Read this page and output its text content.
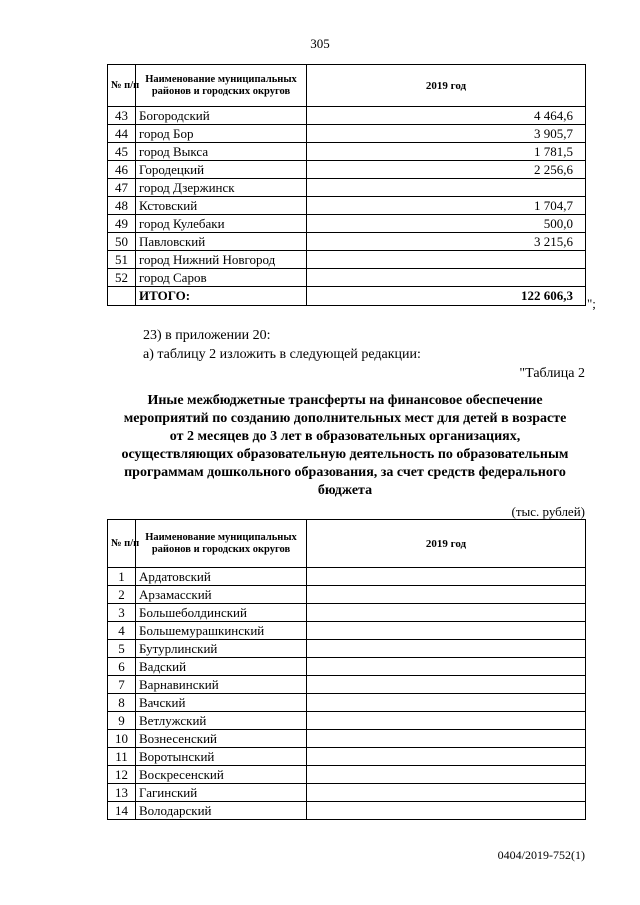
305
№ п/п	Наименование муниципальных районов и городских округов	2019 год
43	Богородский	4 464,6
44	город Бор	3 905,7
45	город Выкса	1 781,5
46	Городецкий	2 256,6
47	город Дзержинск	
48	Кстовский	1 704,7
49	город Кулебаки	500,0
50	Павловский	3 215,6
51	город Нижний Новгород	
52	город Саров	
	ИТОГО:	122 606,3
";
23) в приложении 20:
а) таблицу 2 изложить в следующей редакции:
"Таблица 2
Иные межбюджетные трансферты на финансовое обеспечение
мероприятий по созданию дополнительных мест для детей в возрасте
от 2 месяцев до 3 лет в образовательных организациях,
осуществляющих образовательную деятельность по образовательным
программам дошкольного образования, за счет средств федерального
бюджета
(тыс. рублей)
№ п/п	Наименование муниципальных районов и городских округов	2019 год
1	Ардатовский	
2	Арзамасский	
3	Большеболдинский	
4	Большемурашкинский	
5	Бутурлинский	
6	Вадский	
7	Варнавинский	
8	Вачский	
9	Ветлужский	
10	Вознесенский	
11	Воротынский	
12	Воскресенский	
13	Гагинский	
14	Володарский	
0404/2019-752(1)
